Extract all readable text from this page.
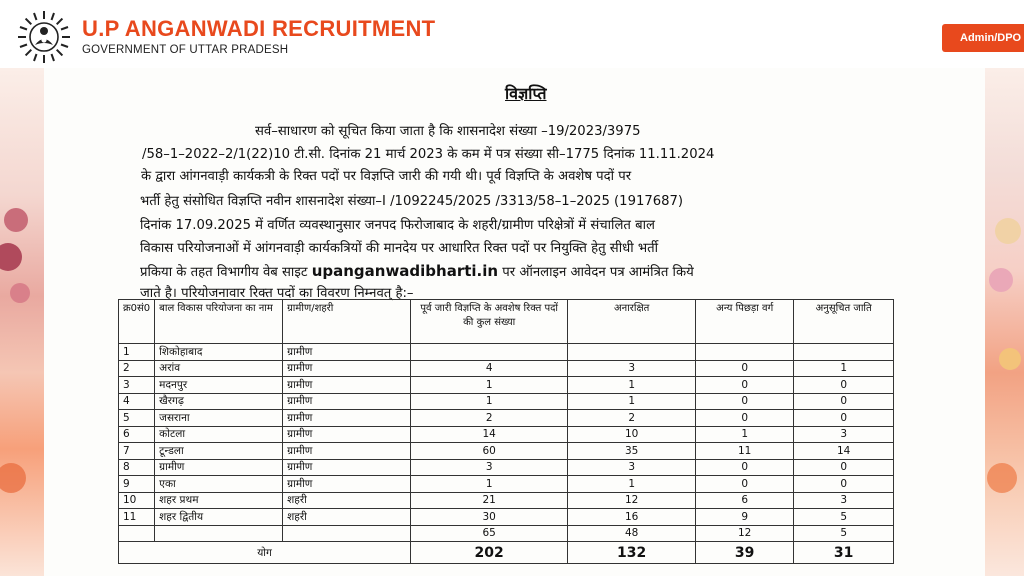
U.P ANGANWADI RECRUITMENT
GOVERNMENT OF UTTAR PRADESH
Admin/DPO
विज्ञप्ति
सर्व–साधारण को सूचित किया जाता है कि शासनादेश संख्या –19/2023/3975
/58–1–2022–2/1(22)10 टी.सी. दिनांक 21 मार्च 2023 के कम में पत्र संख्या सी–1775 दिनांक 11.11.2024
के द्वारा आंगनवाड़ी कार्यकत्री के रिक्त पदों पर विज्ञप्ति जारी की गयी थी। पूर्व विज्ञप्ति के अवशेष पदों पर
भर्ती हेतु संसोधित विज्ञप्ति नवीन शासनादेश संख्या–I /1092245/2025 /3313/58–1–2025 (1917687)
दिनांक 17.09.2025 में वर्णित व्यवस्थानुसार जनपद फिरोजाबाद के शहरी/ग्रामीण परिक्षेत्रों में संचालित बाल
विकास परियोजनाओं में आंगनवाड़ी कार्यकत्रियों की मानदेय पर आधारित रिक्त पदों पर नियुक्ति हेतु सीधी भर्ती
प्रकिया के तहत विभागीय वेब साइट upanganwadibharti.in पर ऑनलाइन आवेदन पत्र आमंत्रित किये
जाते है। परियोजनावार रिक्त पदों का विवरण निम्नवत् है:–
क्र0सं0	बाल विकास परियोजना का नाम	ग्रामीण/शहरी	पूर्व जारी विज्ञप्ति के अवशेष रिक्त पदों की कुल संख्या	अनारक्षित	अन्य पिछड़ा वर्ग	अनुसूचित जाति
1	शिकोहाबाद	ग्रामीण				
2	अरांव	ग्रामीण	4	3	0	1
3	मदनपुर	ग्रामीण	1	1	0	0
4	खैरगढ़	ग्रामीण	1	1	0	0
5	जसराना	ग्रामीण	2	2	0	0
6	कोटला	ग्रामीण	14	10	1	3
7	टून्डला	ग्रामीण	60	35	11	14
8	ग्रामीण	ग्रामीण	3	3	0	0
9	एका	ग्रामीण	1	1	0	0
10	शहर प्रथम	शहरी	21	12	6	3
11	शहर द्वितीय	शहरी	30	16	9	5
			65	48	12	5
योग			202	132	39	31
